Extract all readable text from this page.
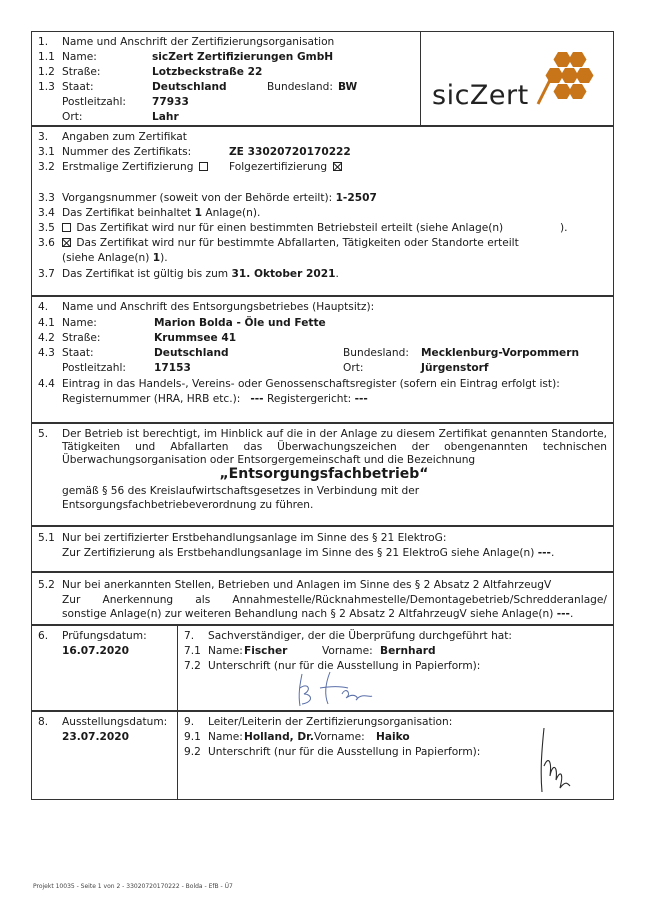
1. Name und Anschrift der Zertifizierungsorganisation
1.1 Name:	sicZert Zertifizierungen GmbH
1.2 Straße:	Lotzbeckstraße 22
1.3 Staat:	Deutschland	Bundesland: BW
Postleitzahl: 77933
Ort:	Lahr
sicZert
3. Angaben zum Zertifikat
3.1 Nummer des Zertifikats:	ZE 33020720170222
3.2 Erstmalige Zertifizierung	Folgezertifizierung
3.3 Vorgangsnummer (soweit von der Behörde erteilt): 1-2507
3.4 Das Zertifikat beinhaltet 1 Anlage(n).
3.5	Das Zertifikat wird nur für einen bestimmten Betriebsteil erteilt (siehe Anlage(n)	).
3.6	Das Zertifikat wird nur für bestimmte Abfallarten, Tätigkeiten oder Standorte erteilt
(siehe Anlage(n) 1).
3.7 Das Zertifikat ist gültig bis zum 31. Oktober 2021.
4. Name und Anschrift des Entsorgungsbetriebes (Hauptsitz):
4.1 Name:	Marion Bolda - Öle und Fette
4.2 Straße:	Krummsee 41
4.3 Staat:	Deutschland	Bundesland: Mecklenburg-Vorpommern
Postleitzahl:	17153	Ort:	Jürgenstorf
4.4 Eintrag in das Handels-, Vereins- oder Genossenschaftsregister (sofern ein Eintrag erfolgt ist):
Registernummer (HRA, HRB etc.): --- Registergericht: ---
5. Der Betrieb ist berechtigt, im Hinblick auf die in der Anlage zu diesem Zertifikat genannten Standorte, Tätigkeiten und Abfallarten das Überwachungszeichen der obengenannten technischen Überwachungsorganisation oder Entsorgergemeinschaft und die Bezeichnung
„Entsorgungsfachbetrieb“
gemäß § 56 des Kreislaufwirtschaftsgesetzes in Verbindung mit der
Entsorgungsfachbetriebeverordnung zu führen.
5.1 Nur bei zertifizierter Erstbehandlungsanlage im Sinne des § 21 ElektroG:
Zur Zertifizierung als Erstbehandlungsanlage im Sinne des § 21 ElektroG siehe Anlage(n) ---.
5.2 Nur bei anerkannten Stellen, Betrieben und Anlagen im Sinne des § 2 Absatz 2 AltfahrzeugV
Zur Anerkennung als Annahmestelle/Rücknahmestelle/Demontagebetrieb/Schredderanlage/
sonstige Anlage(n) zur weiteren Behandlung nach § 2 Absatz 2 AltfahrzeugV siehe Anlage(n) ---.
6. Prüfungsdatum:
16.07.2020
7. Sachverständiger, der die Überprüfung durchgeführt hat:
7.1 Name: Fischer	Vorname: Bernhard
7.2 Unterschrift (nur für die Ausstellung in Papierform):
8. Ausstellungsdatum:
23.07.2020
9. Leiter/Leiterin der Zertifizierungsorganisation:
9.1 Name: Holland, Dr. Vorname: Haiko
9.2 Unterschrift (nur für die Ausstellung in Papierform):
Projekt 10035 - Seite 1 von 2 - 33020720170222 - Bolda - EfB - Ü7
